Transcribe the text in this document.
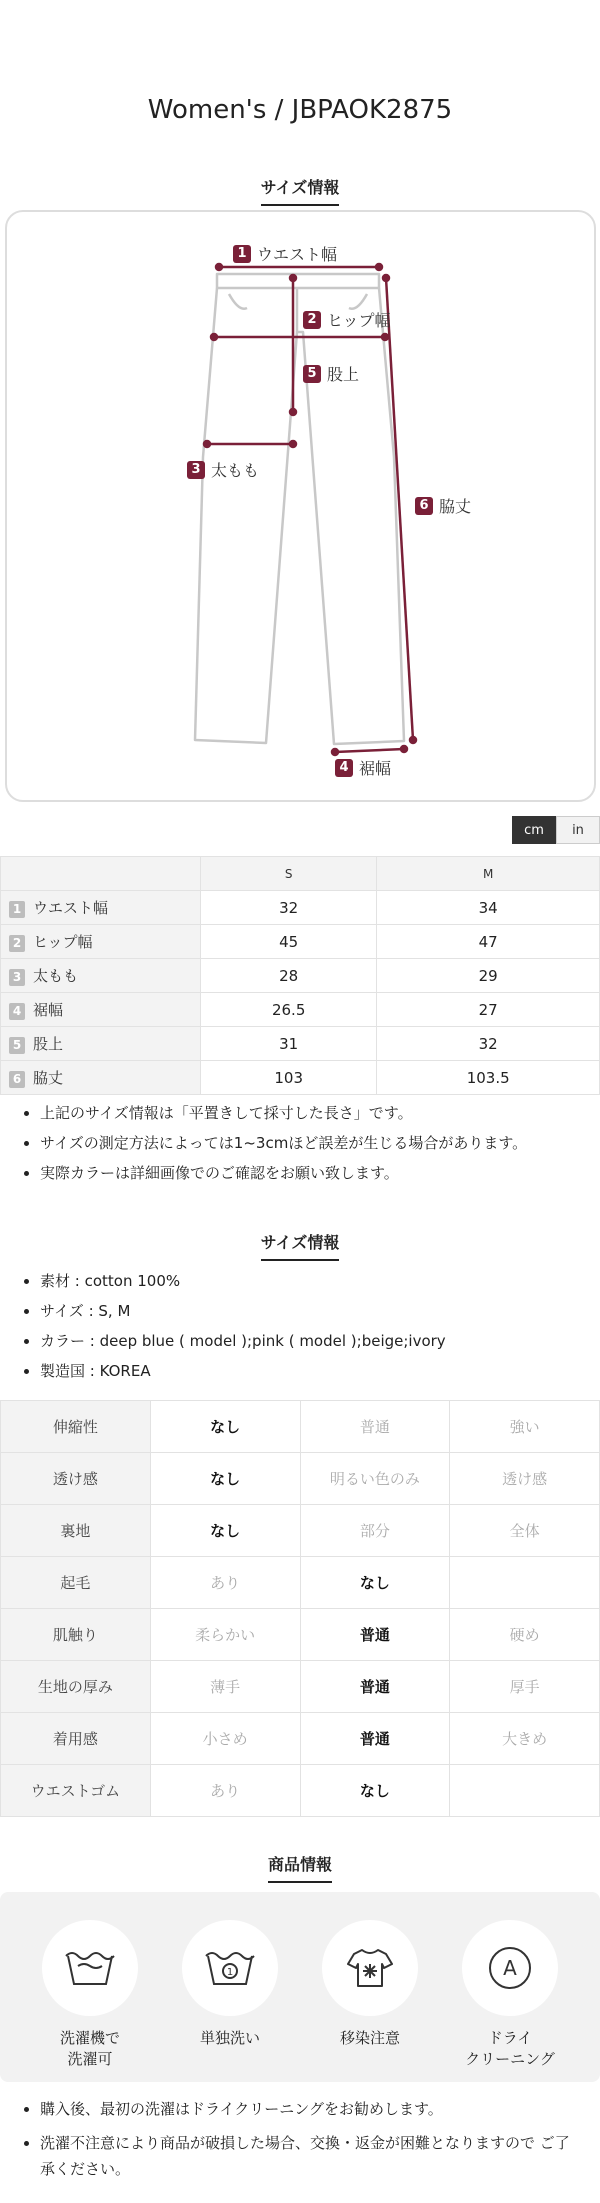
Women's / JBPAOK2875
サイズ情報
1 ウエスト幅
2 ヒップ幅
5 股上
3 太もも
6 脇丈
4 裾幅
cm	in
	S	M
1 ウエスト幅	32	34
2 ヒップ幅	45	47
3 太もも	28	29
4 裾幅	26.5	27
5 股上	31	32
6 脇丈	103	103.5
• 上記のサイズ情報は「平置きして採寸した長さ」です。
• サイズの測定方法によっては1~3cmほど誤差が生じる場合があります。
• 実際カラーは詳細画像でのご確認をお願い致します。
サイズ情報
• 素材 : cotton 100%
• サイズ : S, M
• カラー : deep blue ( model );pink ( model );beige;ivory
• 製造国 : KOREA
伸縮性	なし	普通	強い
透け感	なし	明るい色のみ	透け感
裏地	なし	部分	全体
起毛	あり	なし	
肌触り	柔らかい	普通	硬め
生地の厚み	薄手	普通	厚手
着用感	小さめ	普通	大きめ
ウエストゴム	あり	なし	
商品情報
洗濯機で
洗濯可
1
単独洗い	移染注意
A
ドライ
クリーニング
• 購入後、最初の洗濯はドライクリーニングをお勧めします。
• 洗濯不注意により商品が破損した場合、交換・返金が困難となりますので ご了承ください。
